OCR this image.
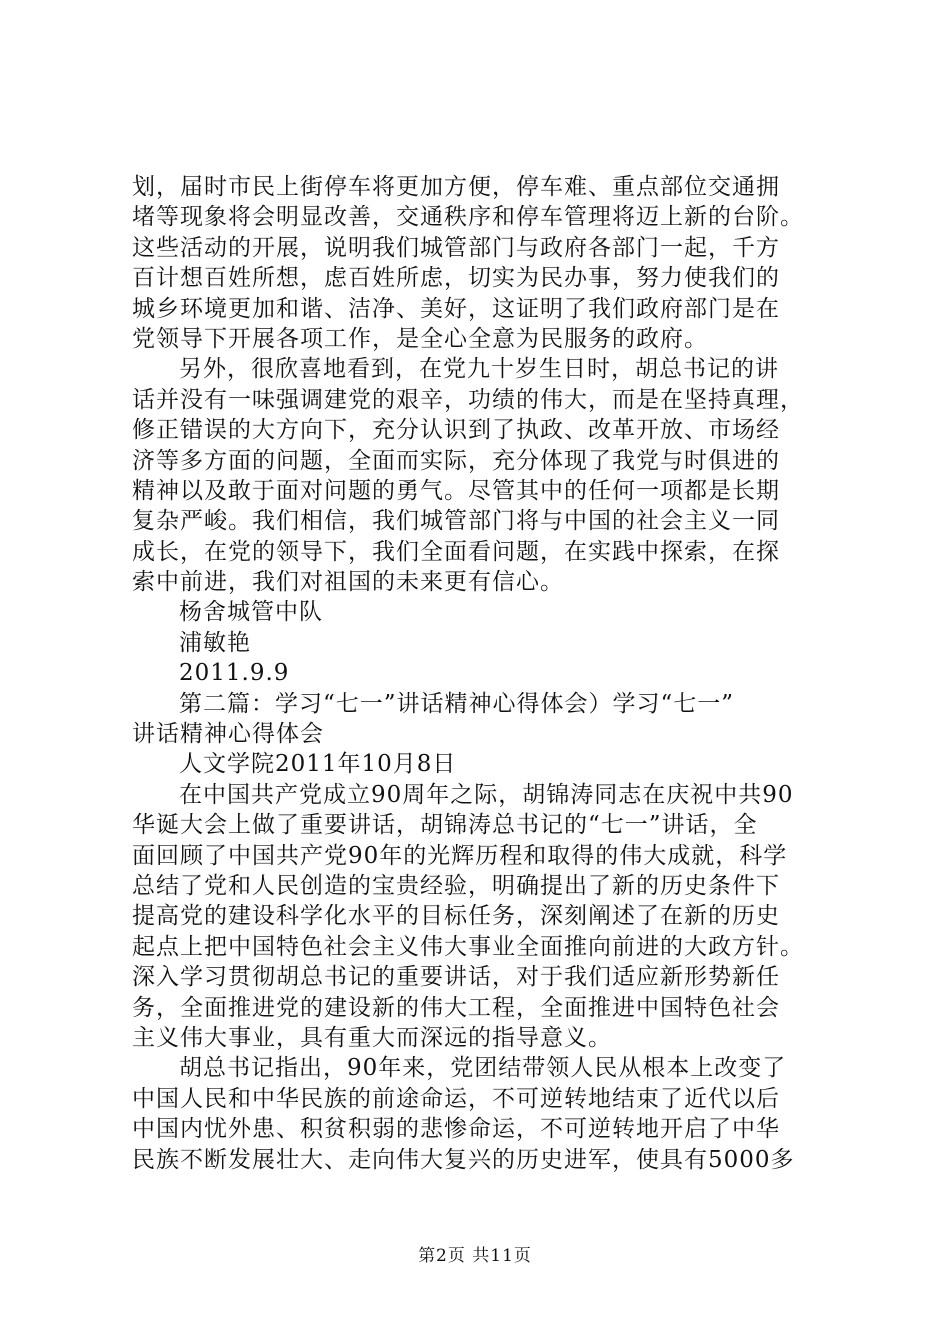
划，届时市民上街停车将更加方便，停车难、重点部位交通拥
堵等现象将会明显改善，交通秩序和停车管理将迈上新的台阶。
这些活动的开展，说明我们城管部门与政府各部门一起，千方
百计想百姓所想，虑百姓所虑，切实为民办事，努力使我们的
城乡环境更加和谐、洁净、美好，这证明了我们政府部门是在
党领导下开展各项工作，是全心全意为民服务的政府。
另外，很欣喜地看到，在党九十岁生日时，胡总书记的讲
话并没有一味强调建党的艰辛，功绩的伟大，而是在坚持真理，
修正错误的大方向下，充分认识到了执政、改革开放、市场经
济等多方面的问题，全面而实际，充分体现了我党与时俱进的
精神以及敢于面对问题的勇气。尽管其中的任何一项都是长期
复杂严峻。我们相信，我们城管部门将与中国的社会主义一同
成长，在党的领导下，我们全面看问题，在实践中探索，在探
索中前进，我们对祖国的未来更有信心。
杨舍城管中队
浦敏艳
2011.9.9
第二篇：学习“七一”讲话精神心得体会）学习“七一”
讲话精神心得体会
人文学院2011年10月8日
在中国共产党成立90周年之际，胡锦涛同志在庆祝中共90
华诞大会上做了重要讲话，胡锦涛总书记的“七一”讲话，全
面回顾了中国共产党90年的光辉历程和取得的伟大成就，科学
总结了党和人民创造的宝贵经验，明确提出了新的历史条件下
提高党的建设科学化水平的目标任务，深刻阐述了在新的历史
起点上把中国特色社会主义伟大事业全面推向前进的大政方针。
深入学习贯彻胡总书记的重要讲话，对于我们适应新形势新任
务，全面推进党的建设新的伟大工程，全面推进中国特色社会
主义伟大事业，具有重大而深远的指导意义。
胡总书记指出，90年来，党团结带领人民从根本上改变了
中国人民和中华民族的前途命运，不可逆转地结束了近代以后
中国内忧外患、积贫积弱的悲惨命运，不可逆转地开启了中华
民族不断发展壮大、走向伟大复兴的历史进军，使具有5000多
第2页 共11页
